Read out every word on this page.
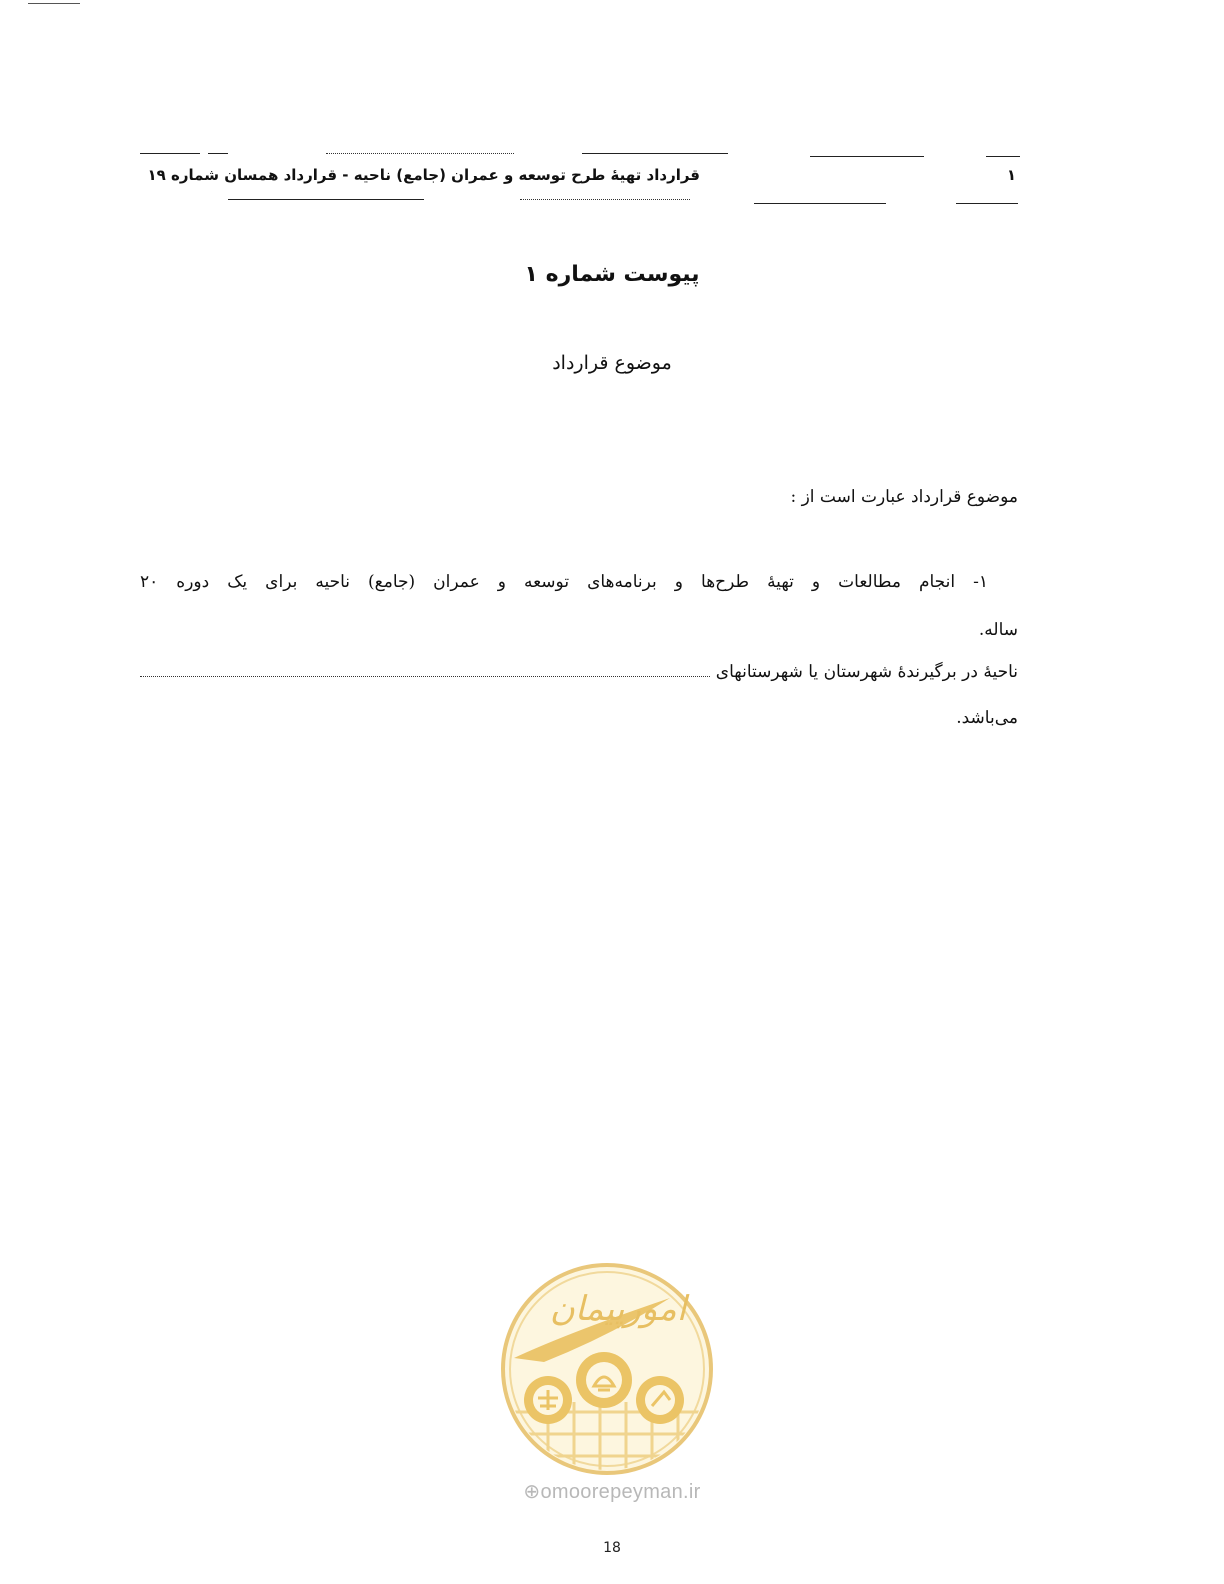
قرارداد تهیهٔ طرح توسعه و عمران (جامع) ناحیه - قرارداد همسان شماره ۱۹	۱
پیوست شماره ۱
موضوع قرارداد
موضوع قرارداد عبارت است از :
۱- انجام مطالعات و تهیهٔ طرح‌ها و برنامه‌های توسعه و عمران (جامع) ناحیه برای یک دوره ۲۰
ساله.
ناحیهٔ در برگیرندهٔ شهرستان یا شهرستانهای
می‌باشد.
امورپیمان
⊕omoorepeyman.ir
18
